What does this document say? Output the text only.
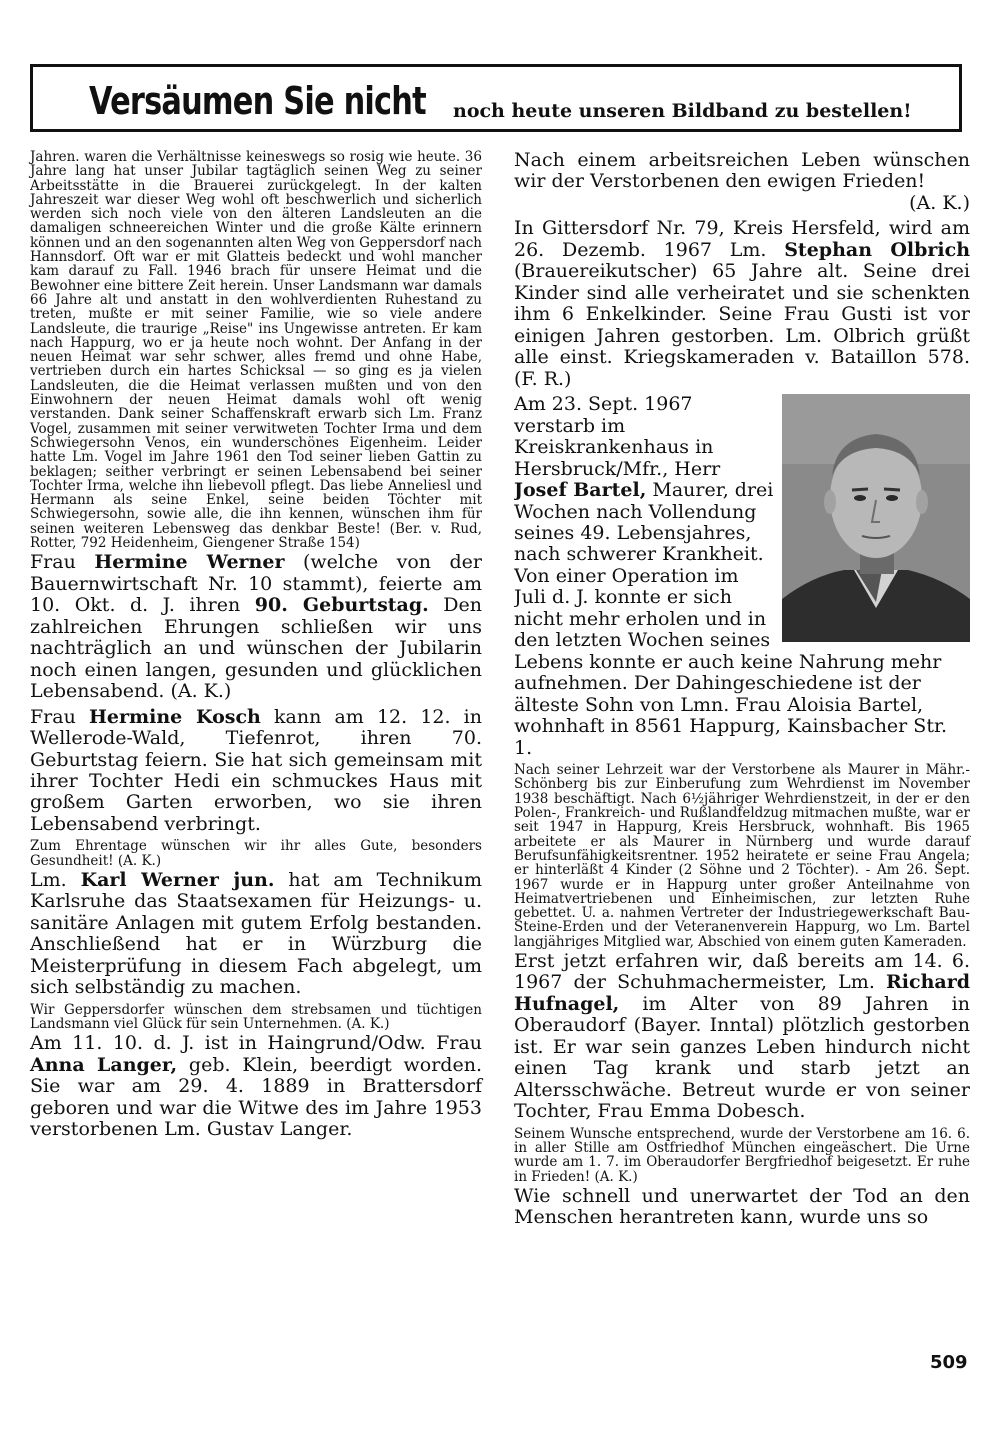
Versäumen Sie nicht noch heute unseren Bildband zu bestellen!

Jahren. waren die Verhältnisse keineswegs so rosig wie heute. 36 Jahre lang hat unser Jubilar tagtäglich seinen Weg zu seiner Arbeitsstätte in die Brauerei zurückgelegt. In der kalten Jahreszeit war dieser Weg wohl oft beschwerlich und sicherlich werden sich noch viele von den älteren Landsleuten an die damaligen schneereichen Winter und die große Kälte erinnern können und an den sogenannten alten Weg von Geppersdorf nach Hannsdorf. Oft war er mit Glatteis bedeckt und wohl mancher kam darauf zu Fall. 1946 brach für unsere Heimat und die Bewohner eine bittere Zeit herein. Unser Landsmann war damals 66 Jahre alt und anstatt in den wohlverdienten Ruhestand zu treten, mußte er mit seiner Familie, wie so viele andere Landsleute, die traurige „Reise" ins Ungewisse antreten. Er kam nach Happurg, wo er ja heute noch wohnt. Der Anfang in der neuen Heimat war sehr schwer, alles fremd und ohne Habe, vertrieben durch ein hartes Schicksal — so ging es ja vielen Landsleuten, die die Heimat verlassen mußten und von den Einwohnern der neuen Heimat damals wohl oft wenig verstanden. Dank seiner Schaffenskraft erwarb sich Lm. Franz Vogel, zusammen mit seiner verwitweten Tochter Irma und dem Schwiegersohn Venos, ein wunderschönes Eigenheim. Leider hatte Lm. Vogel im Jahre 1961 den Tod seiner lieben Gattin zu beklagen; seither verbringt er seinen Lebensabend bei seiner Tochter Irma, welche ihn liebevoll pflegt. Das liebe Anneliesl und Hermann als seine Enkel, seine beiden Töchter mit Schwiegersohn, sowie alle, die ihn kennen, wünschen ihm für seinen weiteren Lebensweg das denkbar Beste! (Ber. v. Rud, Rotter, 792 Heidenheim, Giengener Straße 154)

Frau Hermine Werner (welche von der Bauernwirtschaft Nr. 10 stammt), feierte am 10. Okt. d. J. ihren 90. Geburtstag. Den zahlreichen Ehrungen schließen wir uns nachträglich an und wünschen der Jubilarin noch einen langen, gesunden und glücklichen Lebensabend. (A. K.)

Frau Hermine Kosch kann am 12. 12. in Wellerode-Wald, Tiefenrot, ihren 70. Geburtstag feiern. Sie hat sich gemeinsam mit ihrer Tochter Hedi ein schmuckes Haus mit großem Garten erworben, wo sie ihren Lebensabend verbringt.

Zum Ehrentage wünschen wir ihr alles Gute, besonders Gesundheit! (A. K.)

Lm. Karl Werner jun. hat am Technikum Karlsruhe das Staatsexamen für Heizungs- u. sanitäre Anlagen mit gutem Erfolg bestanden. Anschließend hat er in Würzburg die Meisterprüfung in diesem Fach abgelegt, um sich selbständig zu machen.

Wir Geppersdorfer wünschen dem strebsamen und tüchtigen Landsmann viel Glück für sein Unternehmen. (A. K.)

Am 11. 10. d. J. ist in Haingrund/Odw. Frau Anna Langer, geb. Klein, beerdigt worden. Sie war am 29. 4. 1889 in Brattersdorf geboren und war die Witwe des im Jahre 1953 verstorbenen Lm. Gustav Langer.

Nach einem arbeitsreichen Leben wünschen wir der Verstorbenen den ewigen Frieden!

(A. K.)

In Gittersdorf Nr. 79, Kreis Hersfeld, wird am 26. Dezemb. 1967 Lm. Stephan Olbrich (Brauereikutscher) 65 Jahre alt. Seine drei Kinder sind alle verheiratet und sie schenkten ihm 6 Enkelkinder. Seine Frau Gusti ist vor einigen Jahren gestorben. Lm. Olbrich grüßt alle einst. Kriegskameraden v. Bataillon 578. (F. R.)

Am 23. Sept. 1967 verstarb im Kreiskrankenhaus in Hersbruck/Mfr., Herr Josef Bartel, Maurer, drei Wochen nach Vollendung seines 49. Lebensjahres, nach schwerer Krankheit. Von einer Operation im Juli d. J. konnte er sich nicht mehr erholen und in den letzten Wochen seines Lebens konnte er auch keine Nahrung mehr aufnehmen. Der Dahingeschiedene ist der älteste Sohn von Lmn. Frau Aloisia Bartel, wohnhaft in 8561 Happurg, Kainsbacher Str. 1.

Nach seiner Lehrzeit war der Verstorbene als Maurer in Mähr.-Schönberg bis zur Einberufung zum Wehrdienst im November 1938 beschäftigt. Nach 6½jähriger Wehrdienstzeit, in der er den Polen-, Frankreich- und Rußlandfeldzug mitmachen mußte, war er seit 1947 in Happurg, Kreis Hersbruck, wohnhaft. Bis 1965 arbeitete er als Maurer in Nürnberg und wurde darauf Berufsunfähigkeitsrentner. 1952 heiratete er seine Frau Angela; er hinterläßt 4 Kinder (2 Söhne und 2 Töchter). - Am 26. Sept. 1967 wurde er in Happurg unter großer Anteilnahme von Heimatvertriebenen und Einheimischen, zur letzten Ruhe gebettet. U. a. nahmen Vertreter der Industriegewerkschaft Bau-Steine-Erden und der Veteranenverein Happurg, wo Lm. Bartel langjähriges Mitglied war, Abschied von einem guten Kameraden.

Erst jetzt erfahren wir, daß bereits am 14. 6. 1967 der Schuhmachermeister, Lm. Richard Hufnagel, im Alter von 89 Jahren in Oberaudorf (Bayer. Inntal) plötzlich gestorben ist. Er war sein ganzes Leben hindurch nicht einen Tag krank und starb jetzt an Altersschwäche. Betreut wurde er von seiner Tochter, Frau Emma Dobesch.

Seinem Wunsche entsprechend, wurde der Verstorbene am 16. 6. in aller Stille am Ostfriedhof München eingeäschert. Die Urne wurde am 1. 7. im Oberaudorfer Bergfriedhof beigesetzt. Er ruhe in Frieden! (A. K.)

Wie schnell und unerwartet der Tod an den Menschen herantreten kann, wurde uns so

509
